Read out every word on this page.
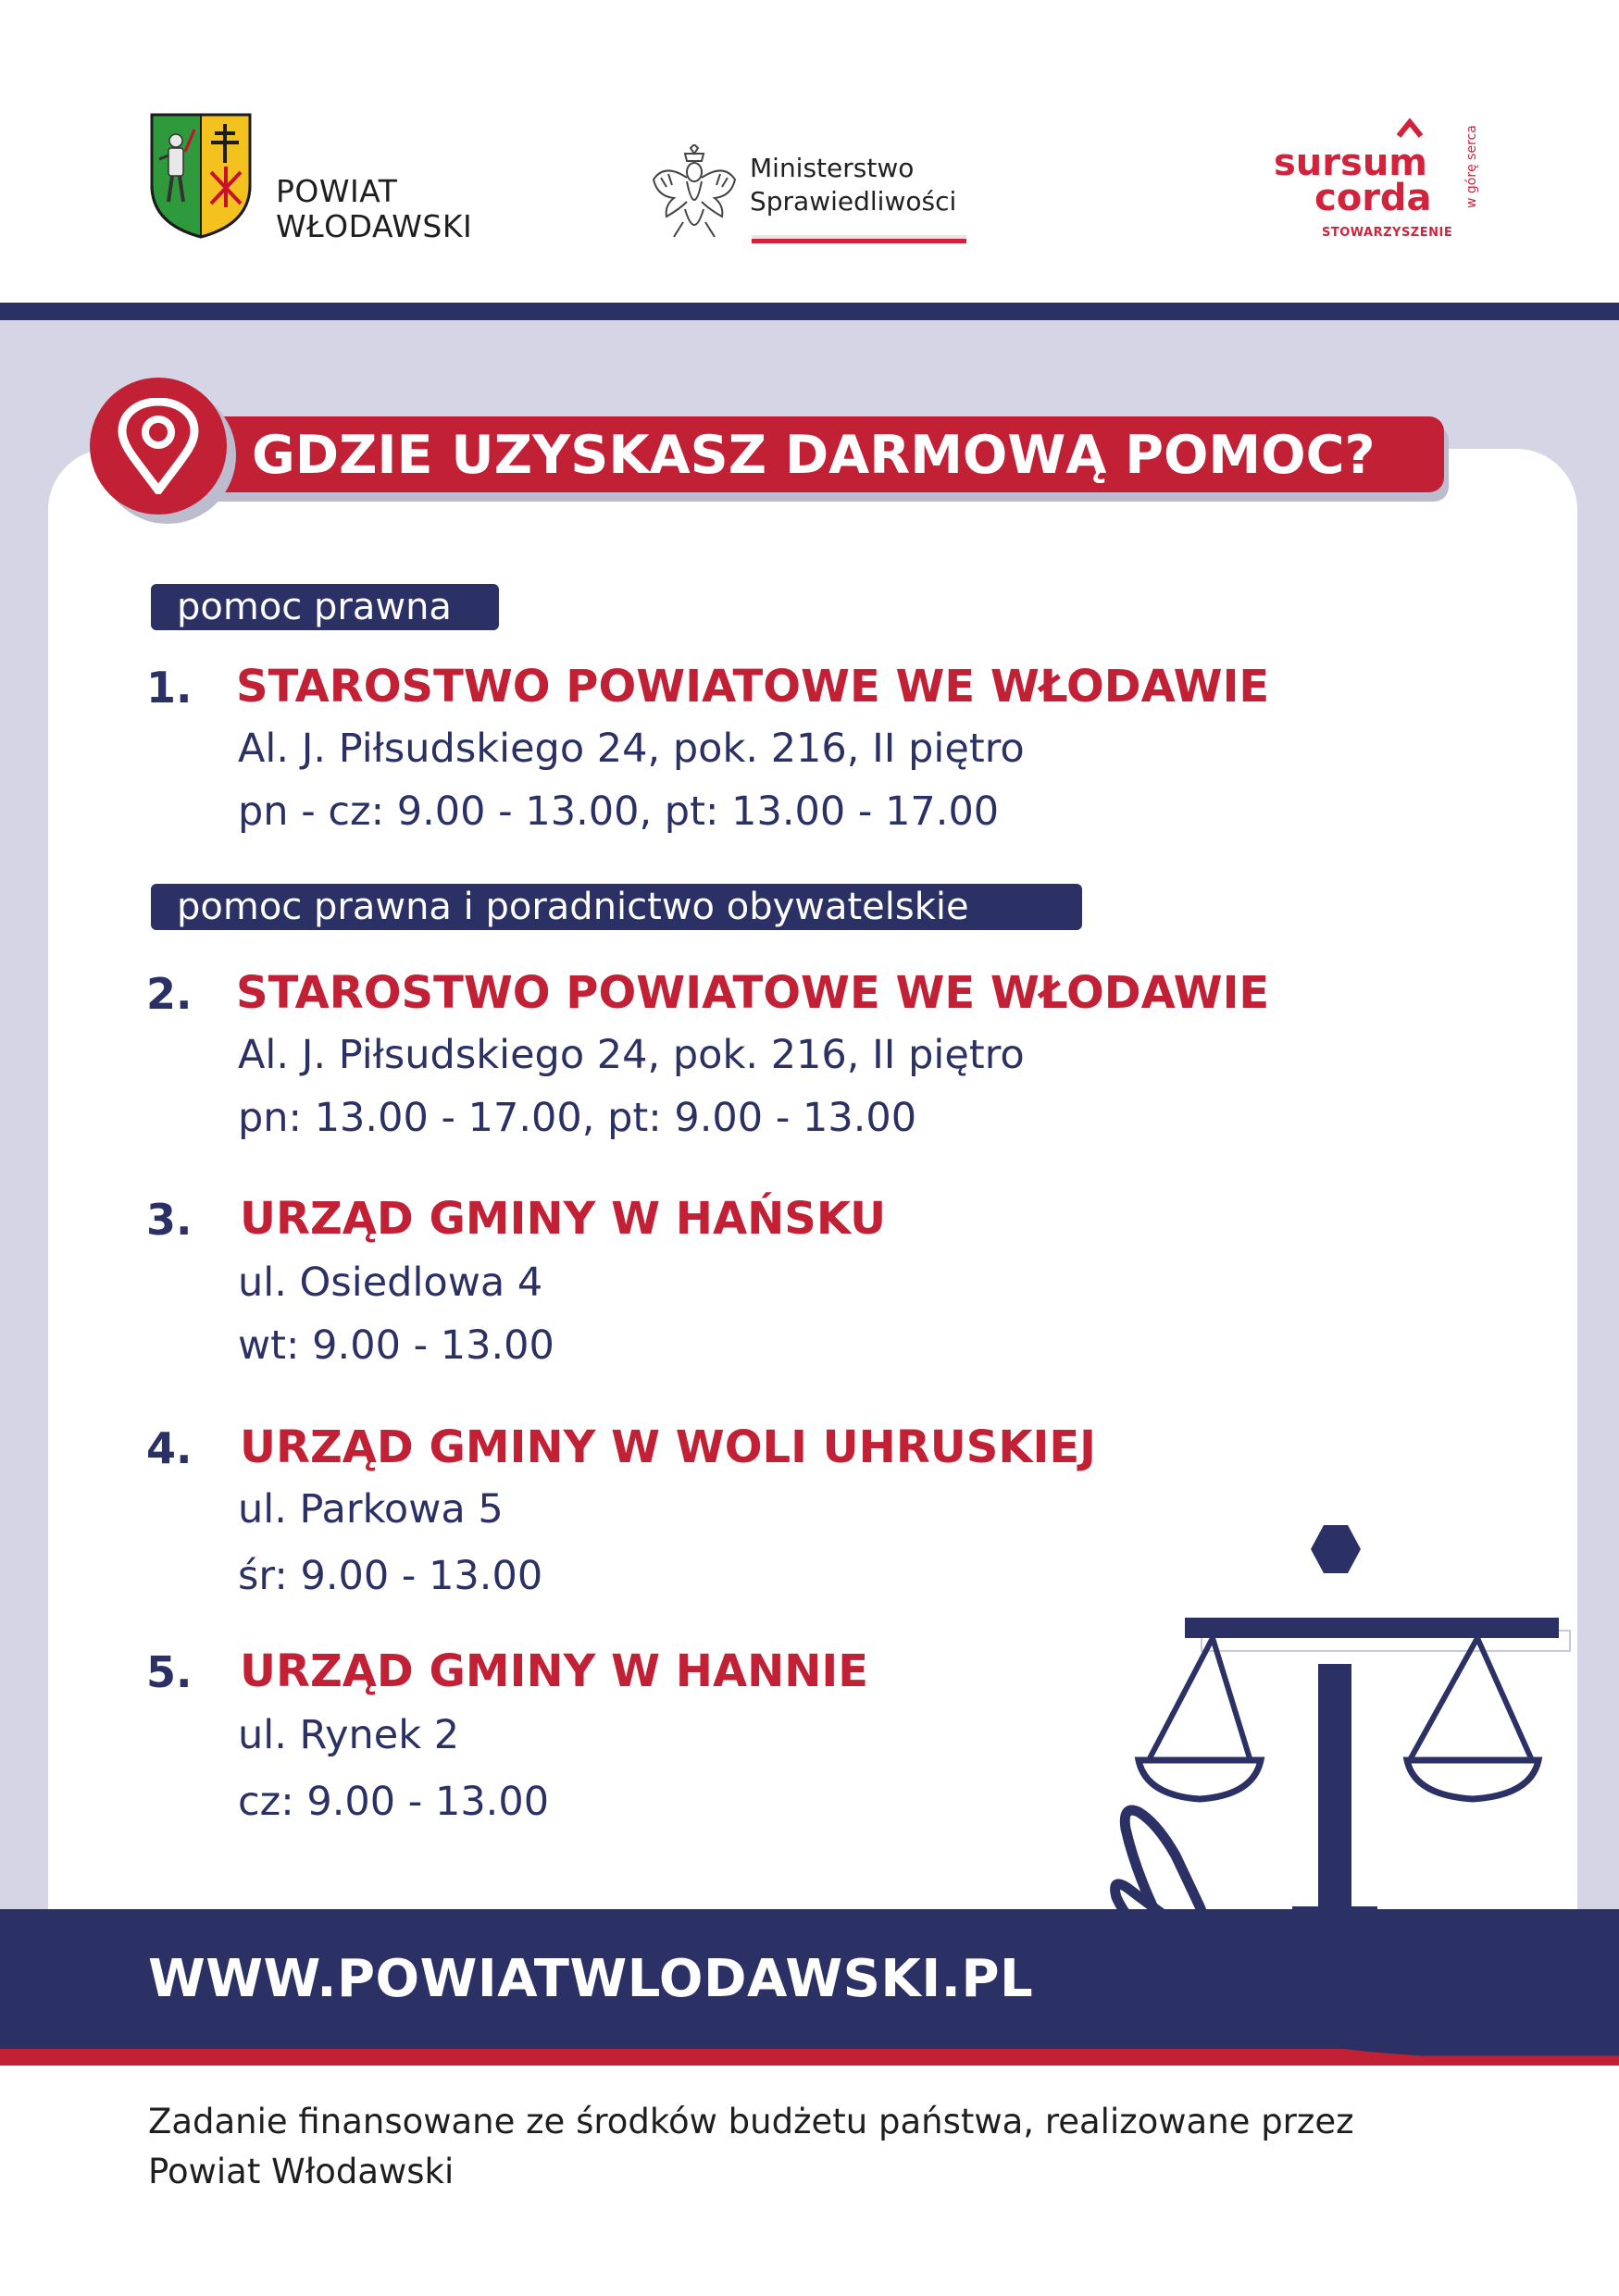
POWIAT
WŁODAWSKI
Ministerstwo
Sprawiedliwości
sursum
corda
STOWARZYSZENIE
w górę serca
GDZIE UZYSKASZ DARMOWĄ POMOC?
pomoc prawna
pomoc prawna i poradnictwo obywatelskie
1. STAROSTWO POWIATOWE WE WŁODAWIE
Al. J. Piłsudskiego 24, pok. 216, II piętro
pn - cz: 9.00 - 13.00, pt: 13.00 - 17.00
2. STAROSTWO POWIATOWE WE WŁODAWIE
Al. J. Piłsudskiego 24, pok. 216, II piętro
pn: 13.00 - 17.00, pt: 9.00 - 13.00
3. URZĄD GMINY W HAŃSKU
ul. Osiedlowa 4
wt: 9.00 - 13.00
4. URZĄD GMINY W WOLI UHRUSKIEJ
ul. Parkowa 5
śr: 9.00 - 13.00
5. URZĄD GMINY W HANNIE
ul. Rynek 2
cz: 9.00 - 13.00
WWW.POWIATWLODAWSKI.PL
Zadanie finansowane ze środków budżetu państwa, realizowane przez
Powiat Włodawski
